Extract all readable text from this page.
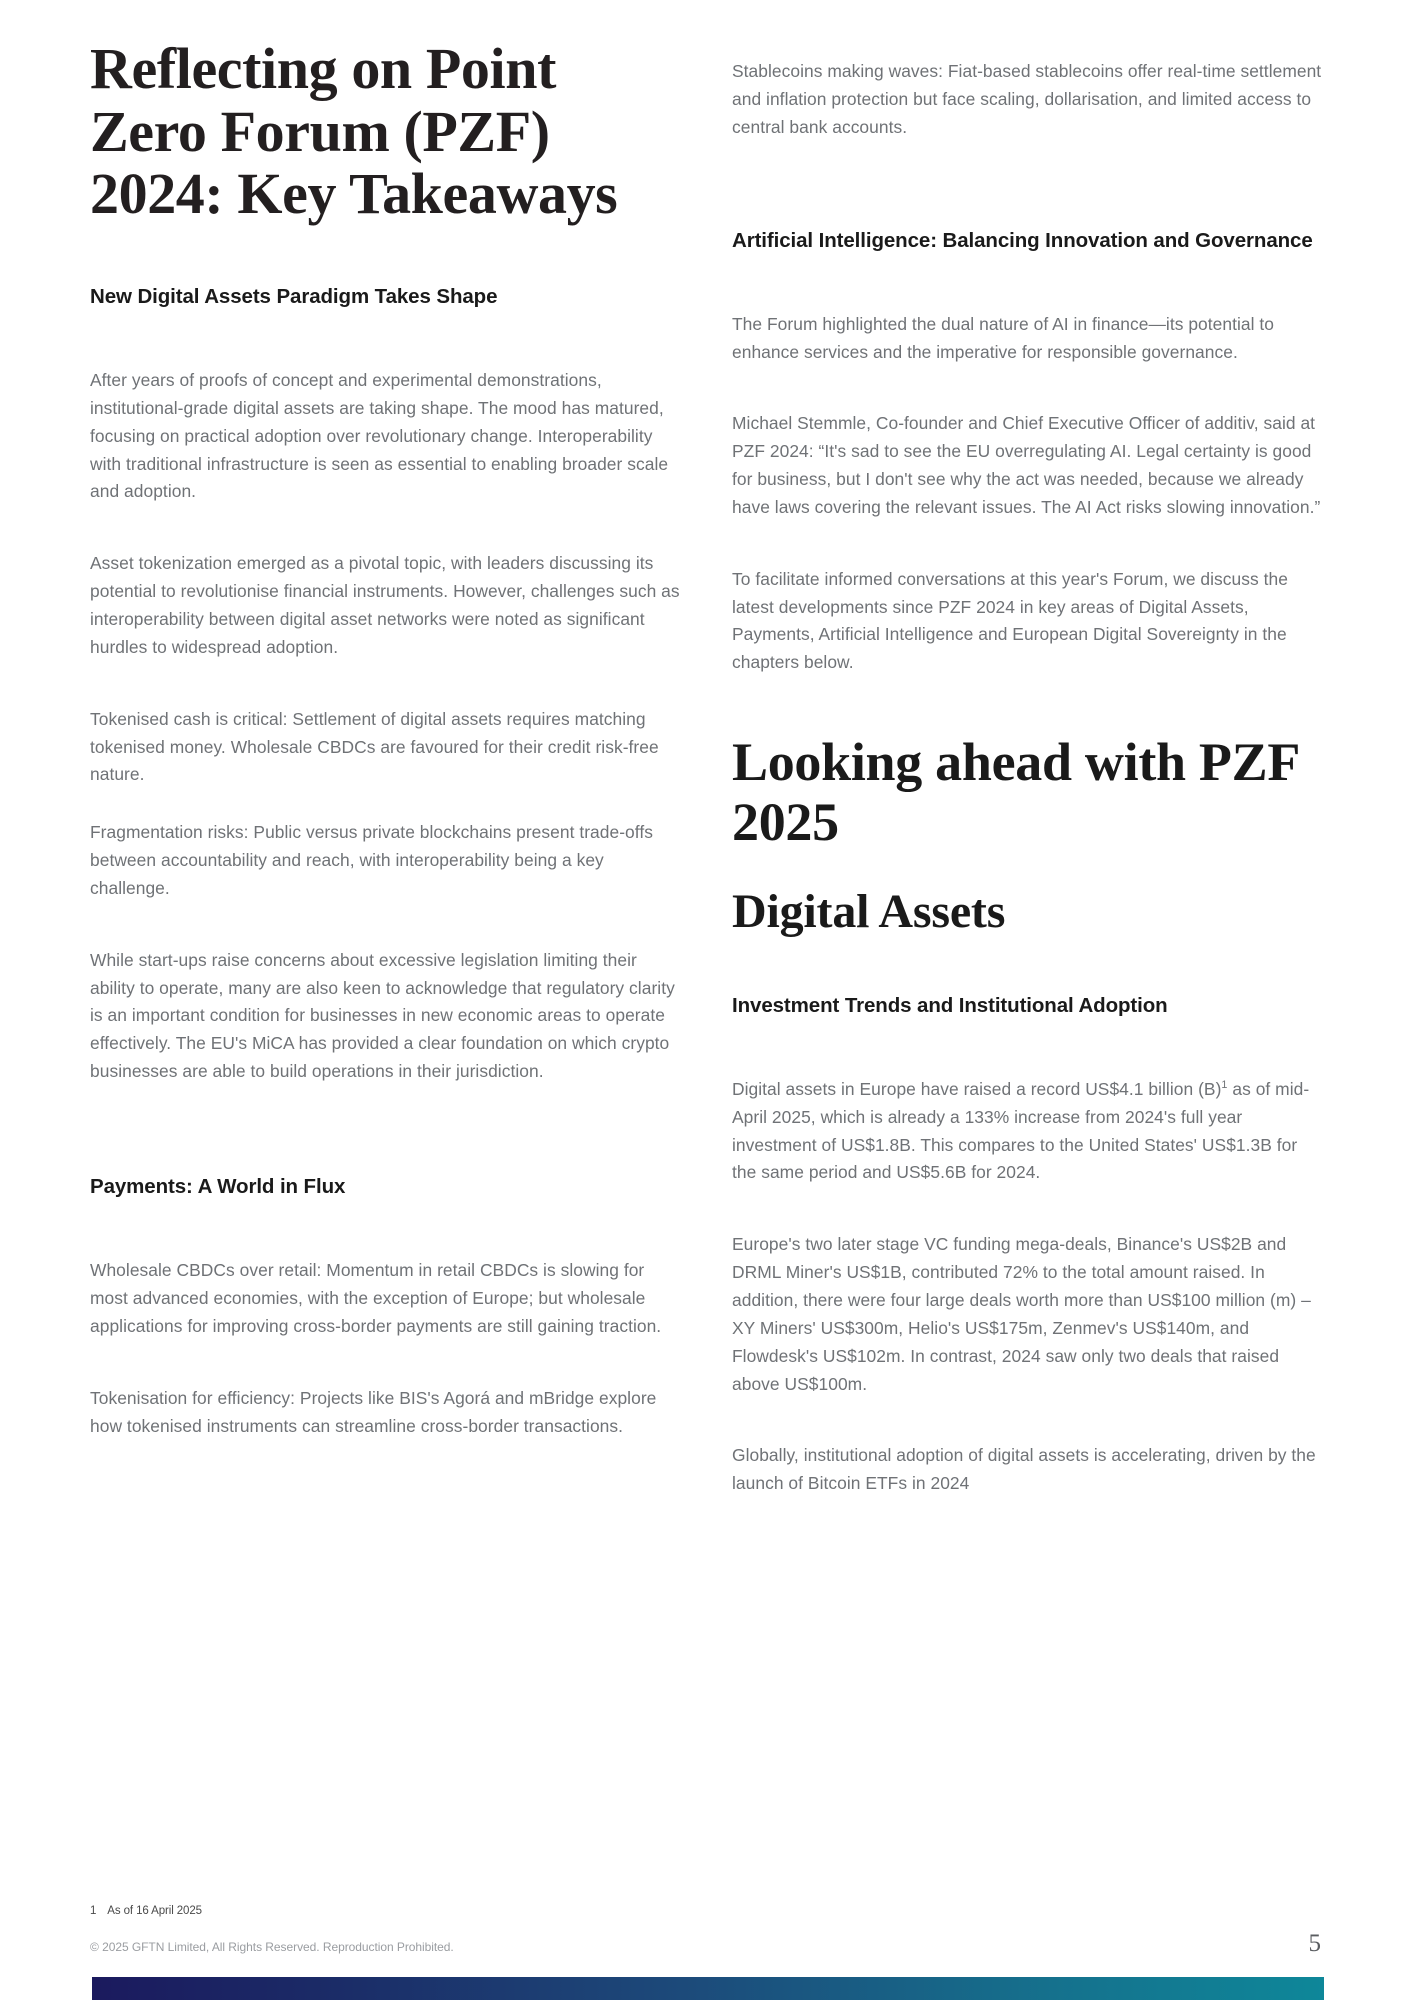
Reflecting on Point Zero Forum (PZF) 2024: Key Takeaways
New Digital Assets Paradigm Takes Shape

After years of proofs of concept and experimental demonstrations, institutional-grade digital assets are taking shape. The mood has matured, focusing on practical adoption over revolutionary change. Interoperability with traditional infrastructure is seen as essential to enabling broader scale and adoption.

Asset tokenization emerged as a pivotal topic, with leaders discussing its potential to revolutionise financial instruments. However, challenges such as interoperability between digital asset networks were noted as significant hurdles to widespread adoption.

Tokenised cash is critical: Settlement of digital assets requires matching tokenised money. Wholesale CBDCs are favoured for their credit risk-free nature.

Fragmentation risks: Public versus private blockchains present trade-offs between accountability and reach, with interoperability being a key challenge.

While start-ups raise concerns about excessive legislation limiting their ability to operate, many are also keen to acknowledge that regulatory clarity is an important condition for businesses in new economic areas to operate effectively. The EU's MiCA has provided a clear foundation on which crypto businesses are able to build operations in their jurisdiction.

Payments: A World in Flux

Wholesale CBDCs over retail: Momentum in retail CBDCs is slowing for most advanced economies, with the exception of Europe; but wholesale applications for improving cross-border payments are still gaining traction.

Tokenisation for efficiency: Projects like BIS's Agorá and mBridge explore how tokenised instruments can streamline cross-border transactions.

Stablecoins making waves: Fiat-based stablecoins offer real-time settlement and inflation protection but face scaling, dollarisation, and limited access to central bank accounts.

Artificial Intelligence: Balancing Innovation and Governance

The Forum highlighted the dual nature of AI in finance—its potential to enhance services and the imperative for responsible governance.

Michael Stemmle, Co-founder and Chief Executive Officer of additiv, said at PZF 2024: “It's sad to see the EU overregulating AI. Legal certainty is good for business, but I don't see why the act was needed, because we already have laws covering the relevant issues. The AI Act risks slowing innovation.”

To facilitate informed conversations at this year's Forum, we discuss the latest developments since PZF 2024 in key areas of Digital Assets, Payments, Artificial Intelligence and European Digital Sovereignty in the chapters below.

Looking ahead with PZF 2025
Digital Assets
Investment Trends and Institutional Adoption

Digital assets in Europe have raised a record US$4.1 billion $(B)^1$ as of mid-April 2025, which is already a 133% increase from 2024's full year investment of US$1.8B. This compares to the United States' US$1.3B for the same period and US$5.6B for 2024.

Europe's two later stage VC funding mega-deals, Binance's US$2B and DRML Miner's US$1B, contributed 72% to the total amount raised. In addition, there were four large deals worth more than US$100 million (m) – XY Miners' US$300m, Helio's US$175m, Zenmev's US$140m, and Flowdesk's US$102m. In contrast, 2024 saw only two deals that raised above US$100m.

Globally, institutional adoption of digital assets is accelerating, driven by the launch of Bitcoin ETFs in 2024

1 As of 16 April 2025
© 2025 GFTN Limited, All Rights Reserved. Reproduction Prohibited.	5
